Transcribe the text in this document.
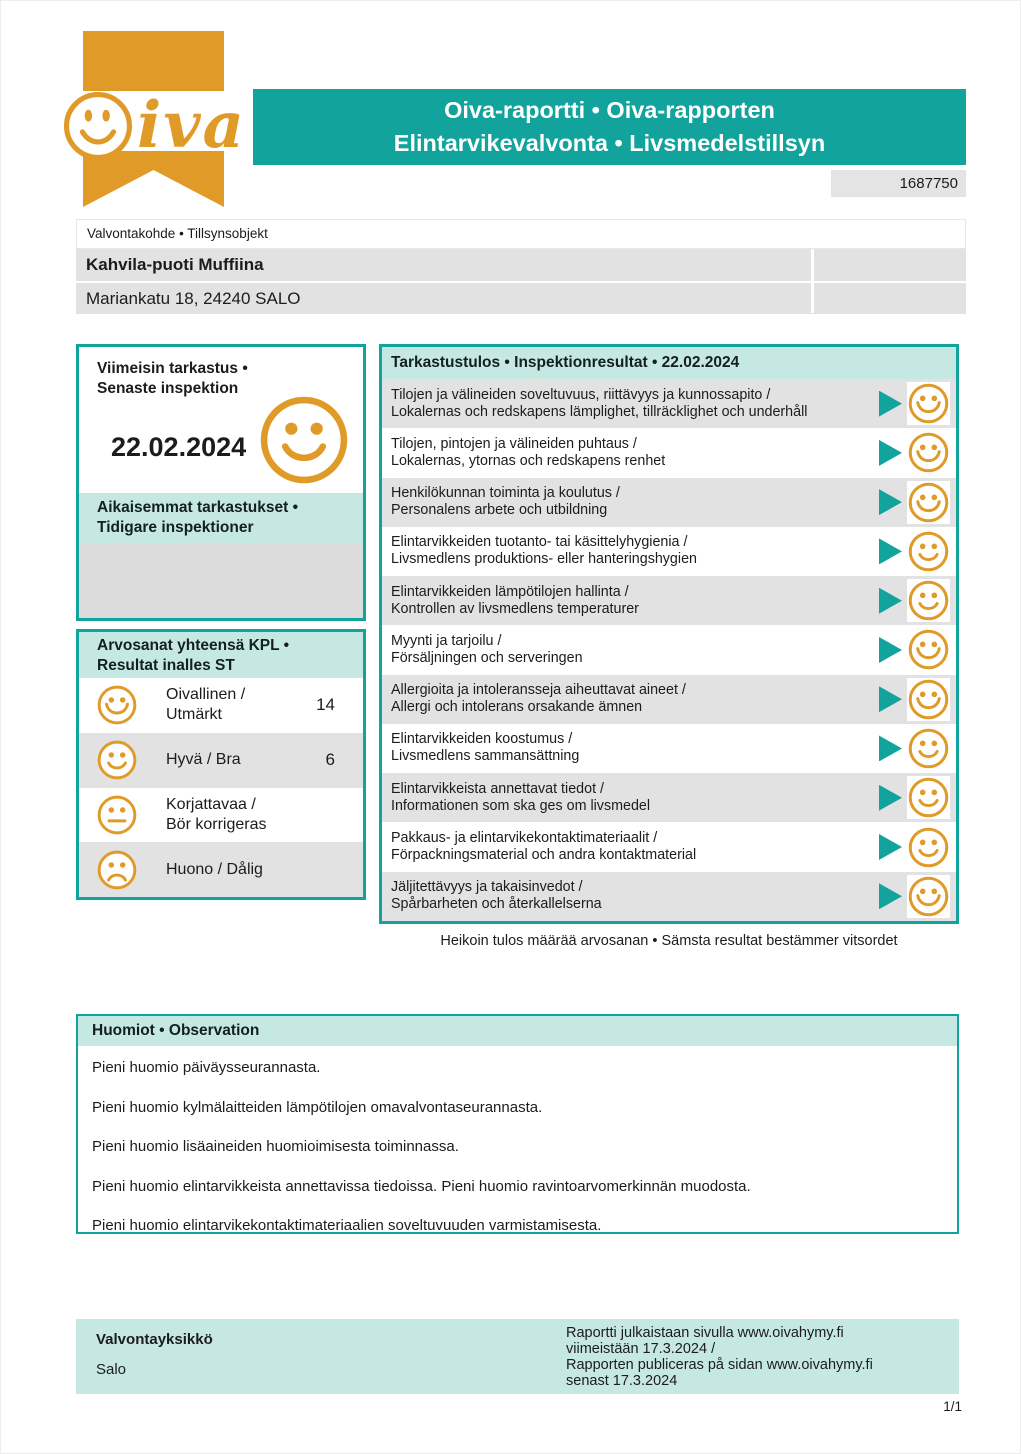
iva	Oiva-raportti • Oiva-rapporten
Elintarvikevalvonta • Livsmedelstillsyn
1687750
Valvontakohde • Tillsynsobjekt
Kahvila-puoti Muffiina
Mariankatu 18, 24240 SALO
Viimeisin tarkastus •
Senaste inspektion
22.02.2024
Aikaisemmat tarkastukset •
Tidigare inspektioner
Arvosanat yhteensä KPL •
Resultat inalles ST
Oivallinen /
Utmärkt
14
Hyvä / Bra	6
Korjattavaa /
Bör korrigeras
Huono / Dålig
Tarkastustulos • Inspektionresultat • 22.02.2024
Tilojen ja välineiden soveltuvuus, riittävyys ja kunnossapito /
Lokalernas och redskapens lämplighet, tillräcklighet och underhåll
Tilojen, pintojen ja välineiden puhtaus /
Lokalernas, ytornas och redskapens renhet
Henkilökunnan toiminta ja koulutus /
Personalens arbete och utbildning
Elintarvikkeiden tuotanto- tai käsittelyhygienia /
Livsmedlens produktions- eller hanteringshygien
Elintarvikkeiden lämpötilojen hallinta /
Kontrollen av livsmedlens temperaturer
Myynti ja tarjoilu /
Försäljningen och serveringen
Allergioita ja intoleransseja aiheuttavat aineet /
Allergi och intolerans orsakande ämnen
Elintarvikkeiden koostumus /
Livsmedlens sammansättning
Elintarvikkeista annettavat tiedot /
Informationen som ska ges om livsmedel
Pakkaus- ja elintarvikekontaktimateriaalit /
Förpackningsmaterial och andra kontaktmaterial
Jäljitettävyys ja takaisinvedot /
Spårbarheten och återkallelserna
Heikoin tulos määrää arvosanan • Sämsta resultat bestämmer vitsordet
Huomiot • Observation
Pieni huomio päiväysseurannasta.
Pieni huomio kylmälaitteiden lämpötilojen omavalvontaseurannasta.
Pieni huomio lisäaineiden huomioimisesta toiminnassa.
Pieni huomio elintarvikkeista annettavissa tiedoissa. Pieni huomio ravintoarvomerkinnän muodosta.
Pieni huomio elintarvikekontaktimateriaalien soveltuvuuden varmistamisesta.
Valvontayksikkö
Salo
Raportti julkaistaan sivulla www.oivahymy.fi
viimeistään 17.3.2024 /
Rapporten publiceras på sidan www.oivahymy.fi
senast 17.3.2024
1/1
